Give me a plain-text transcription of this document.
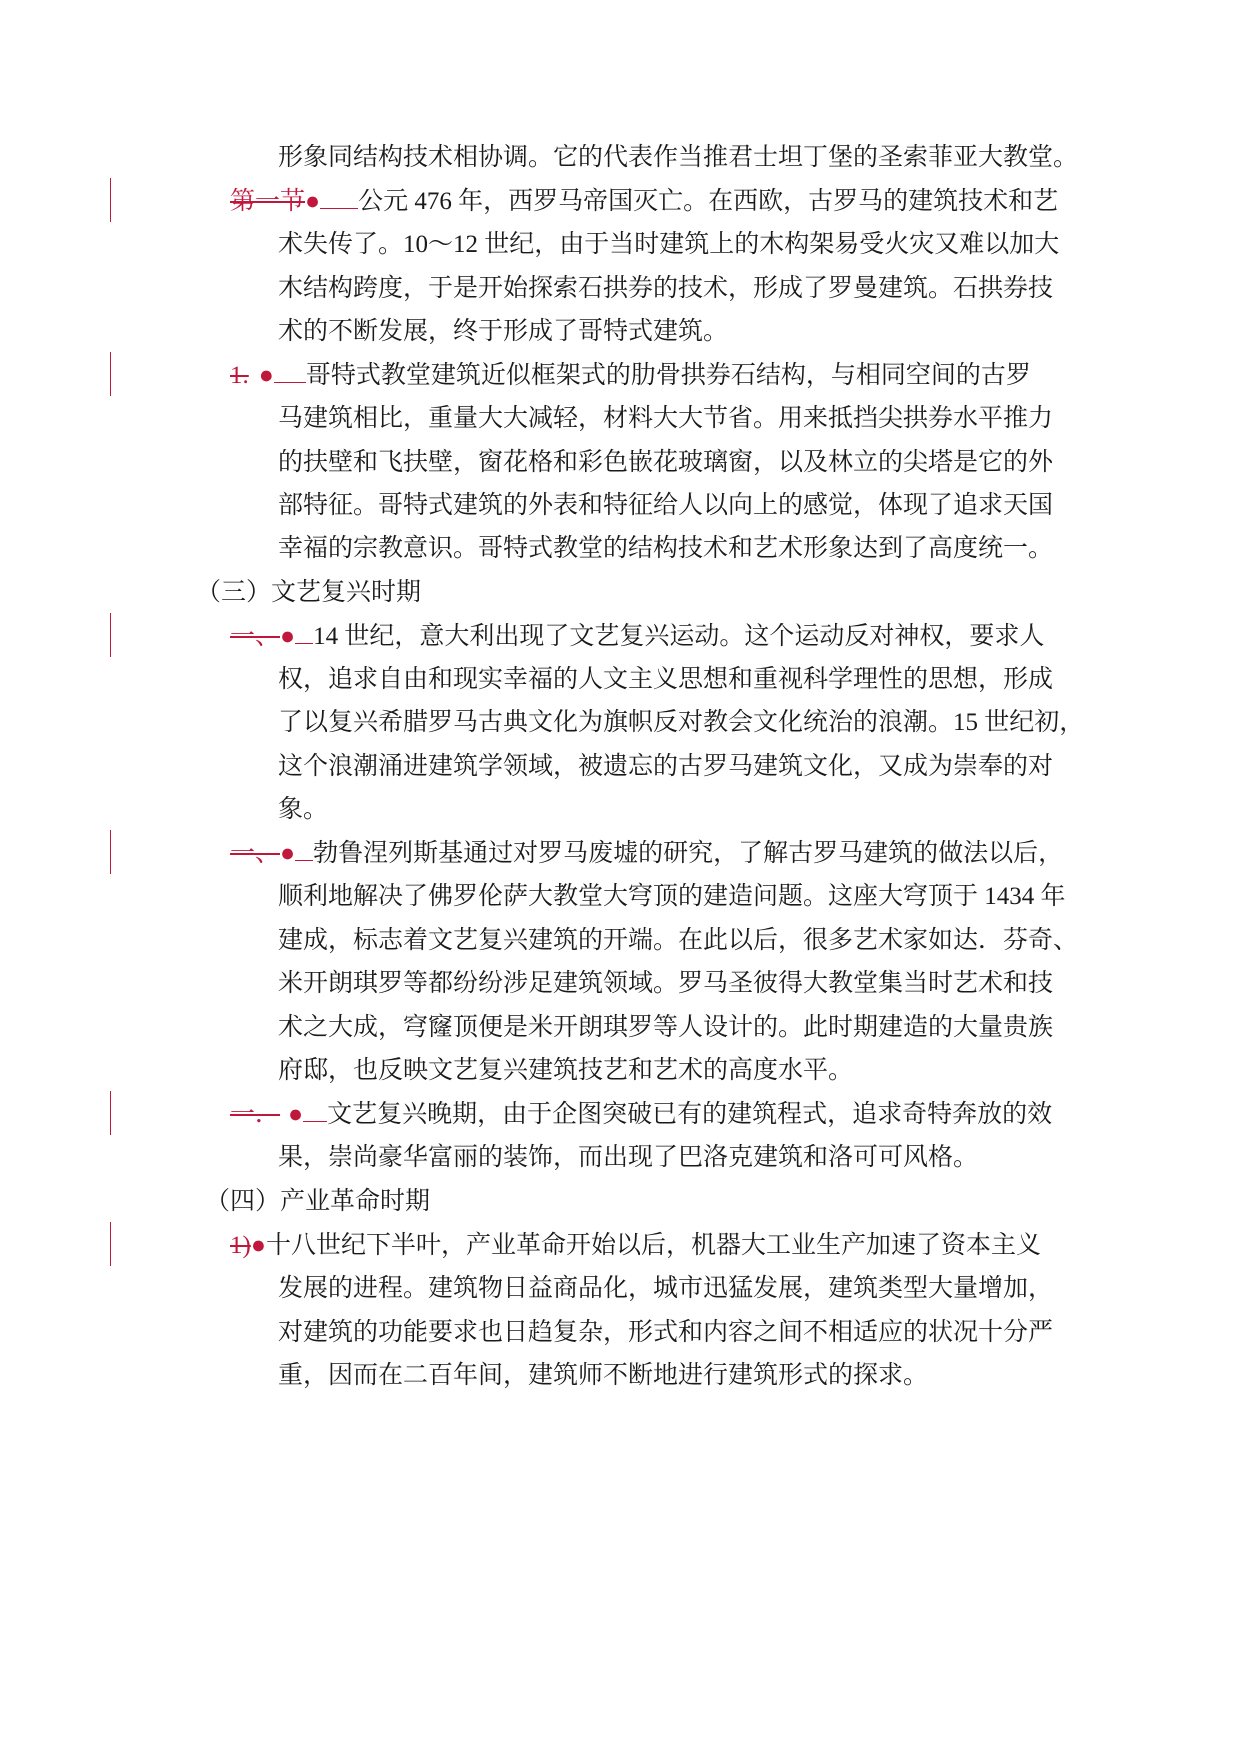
形象同结构技术相协调。它的代表作当推君士坦丁堡的圣索菲亚大教堂。
第一节● 公元 476 年，西罗马帝国灭亡。在西欧，古罗马的建筑技术和艺
术失传了。10～12 世纪，由于当时建筑上的木构架易受火灾又难以加大
木结构跨度，于是开始探索石拱券的技术，形成了罗曼建筑。石拱券技
术的不断发展，终于形成了哥特式建筑。
1. ● 哥特式教堂建筑近似框架式的肋骨拱券石结构，与相同空间的古罗
马建筑相比，重量大大减轻，材料大大节省。用来抵挡尖拱券水平推力
的扶壁和飞扶壁，窗花格和彩色嵌花玻璃窗，以及林立的尖塔是它的外
部特征。哥特式建筑的外表和特征给人以向上的感觉，体现了追求天国
幸福的宗教意识。哥特式教堂的结构技术和艺术形象达到了高度统一。
（三）文艺复兴时期
一、● 14 世纪，意大利出现了文艺复兴运动。这个运动反对神权，要求人
权，追求自由和现实幸福的人文主义思想和重视科学理性的思想，形成
了以复兴希腊罗马古典文化为旗帜反对教会文化统治的浪潮。15 世纪初，
这个浪潮涌进建筑学领域，被遗忘的古罗马建筑文化，又成为崇奉的对
象。
一、● 勃鲁涅列斯基通过对罗马废墟的研究，了解古罗马建筑的做法以后，
顺利地解决了佛罗伦萨大教堂大穹顶的建造问题。这座大穹顶于 1434 年
建成，标志着文艺复兴建筑的开端。在此以后，很多艺术家如达．芬奇、
米开朗琪罗等都纷纷涉足建筑领域。罗马圣彼得大教堂集当时艺术和技
术之大成，穹窿顶便是米开朗琪罗等人设计的。此时期建造的大量贵族
府邸，也反映文艺复兴建筑技艺和艺术的高度水平。
一． ● 文艺复兴晚期，由于企图突破已有的建筑程式，追求奇特奔放的效
果，崇尚豪华富丽的装饰，而出现了巴洛克建筑和洛可可风格。
（四）产业革命时期
1)●十八世纪下半叶，产业革命开始以后，机器大工业生产加速了资本主义
发展的进程。建筑物日益商品化，城市迅猛发展，建筑类型大量增加，
对建筑的功能要求也日趋复杂，形式和内容之间不相适应的状况十分严
重，因而在二百年间，建筑师不断地进行建筑形式的探求。
